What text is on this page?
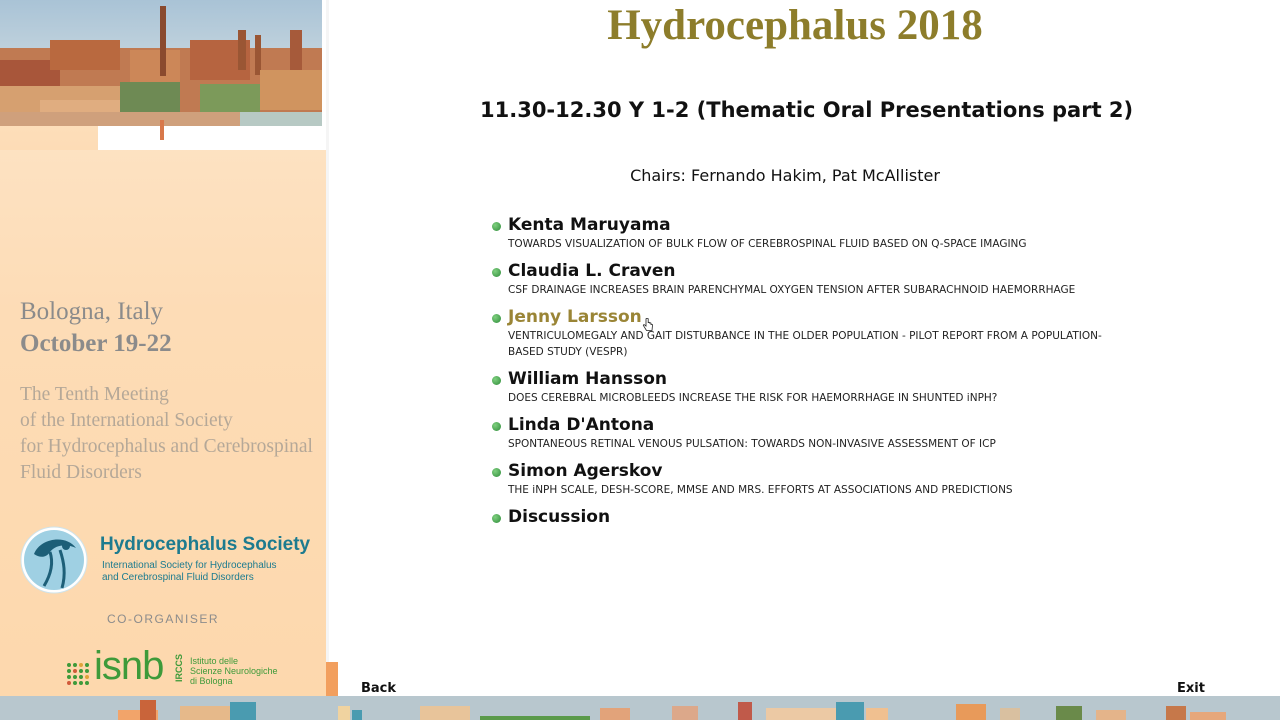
Bologna, Italy
October 19-22
The Tenth Meeting
of the International Society
for Hydrocephalus and Cerebrospinal
Fluid Disorders
Hydrocephalus Society
International Society for Hydrocephalus
and Cerebrospinal Fluid Disorders
CO-ORGANISER
isnb IRCCS Istituto delle
Scienze Neurologiche
di Bologna
Hydrocephalus 2018
11.30-12.30 Y 1-2 (Thematic Oral Presentations part 2)
Chairs: Fernando Hakim, Pat McAllister
Kenta Maruyama
TOWARDS VISUALIZATION OF BULK FLOW OF CEREBROSPINAL FLUID BASED ON Q-SPACE IMAGING
Claudia L. Craven
CSF DRAINAGE INCREASES BRAIN PARENCHYMAL OXYGEN TENSION AFTER SUBARACHNOID HAEMORRHAGE
Jenny Larsson
VENTRICULOMEGALY AND GAIT DISTURBANCE IN THE OLDER POPULATION - PILOT REPORT FROM A POPULATION-
BASED STUDY (VESPR)
William Hansson
DOES CEREBRAL MICROBLEEDS INCREASE THE RISK FOR HAEMORRHAGE IN SHUNTED iNPH?
Linda D'Antona
SPONTANEOUS RETINAL VENOUS PULSATION: TOWARDS NON-INVASIVE ASSESSMENT OF ICP
Simon Agerskov
THE iNPH SCALE, DESH-SCORE, MMSE AND MRS. EFFORTS AT ASSOCIATIONS AND PREDICTIONS
Discussion
Back	Exit
